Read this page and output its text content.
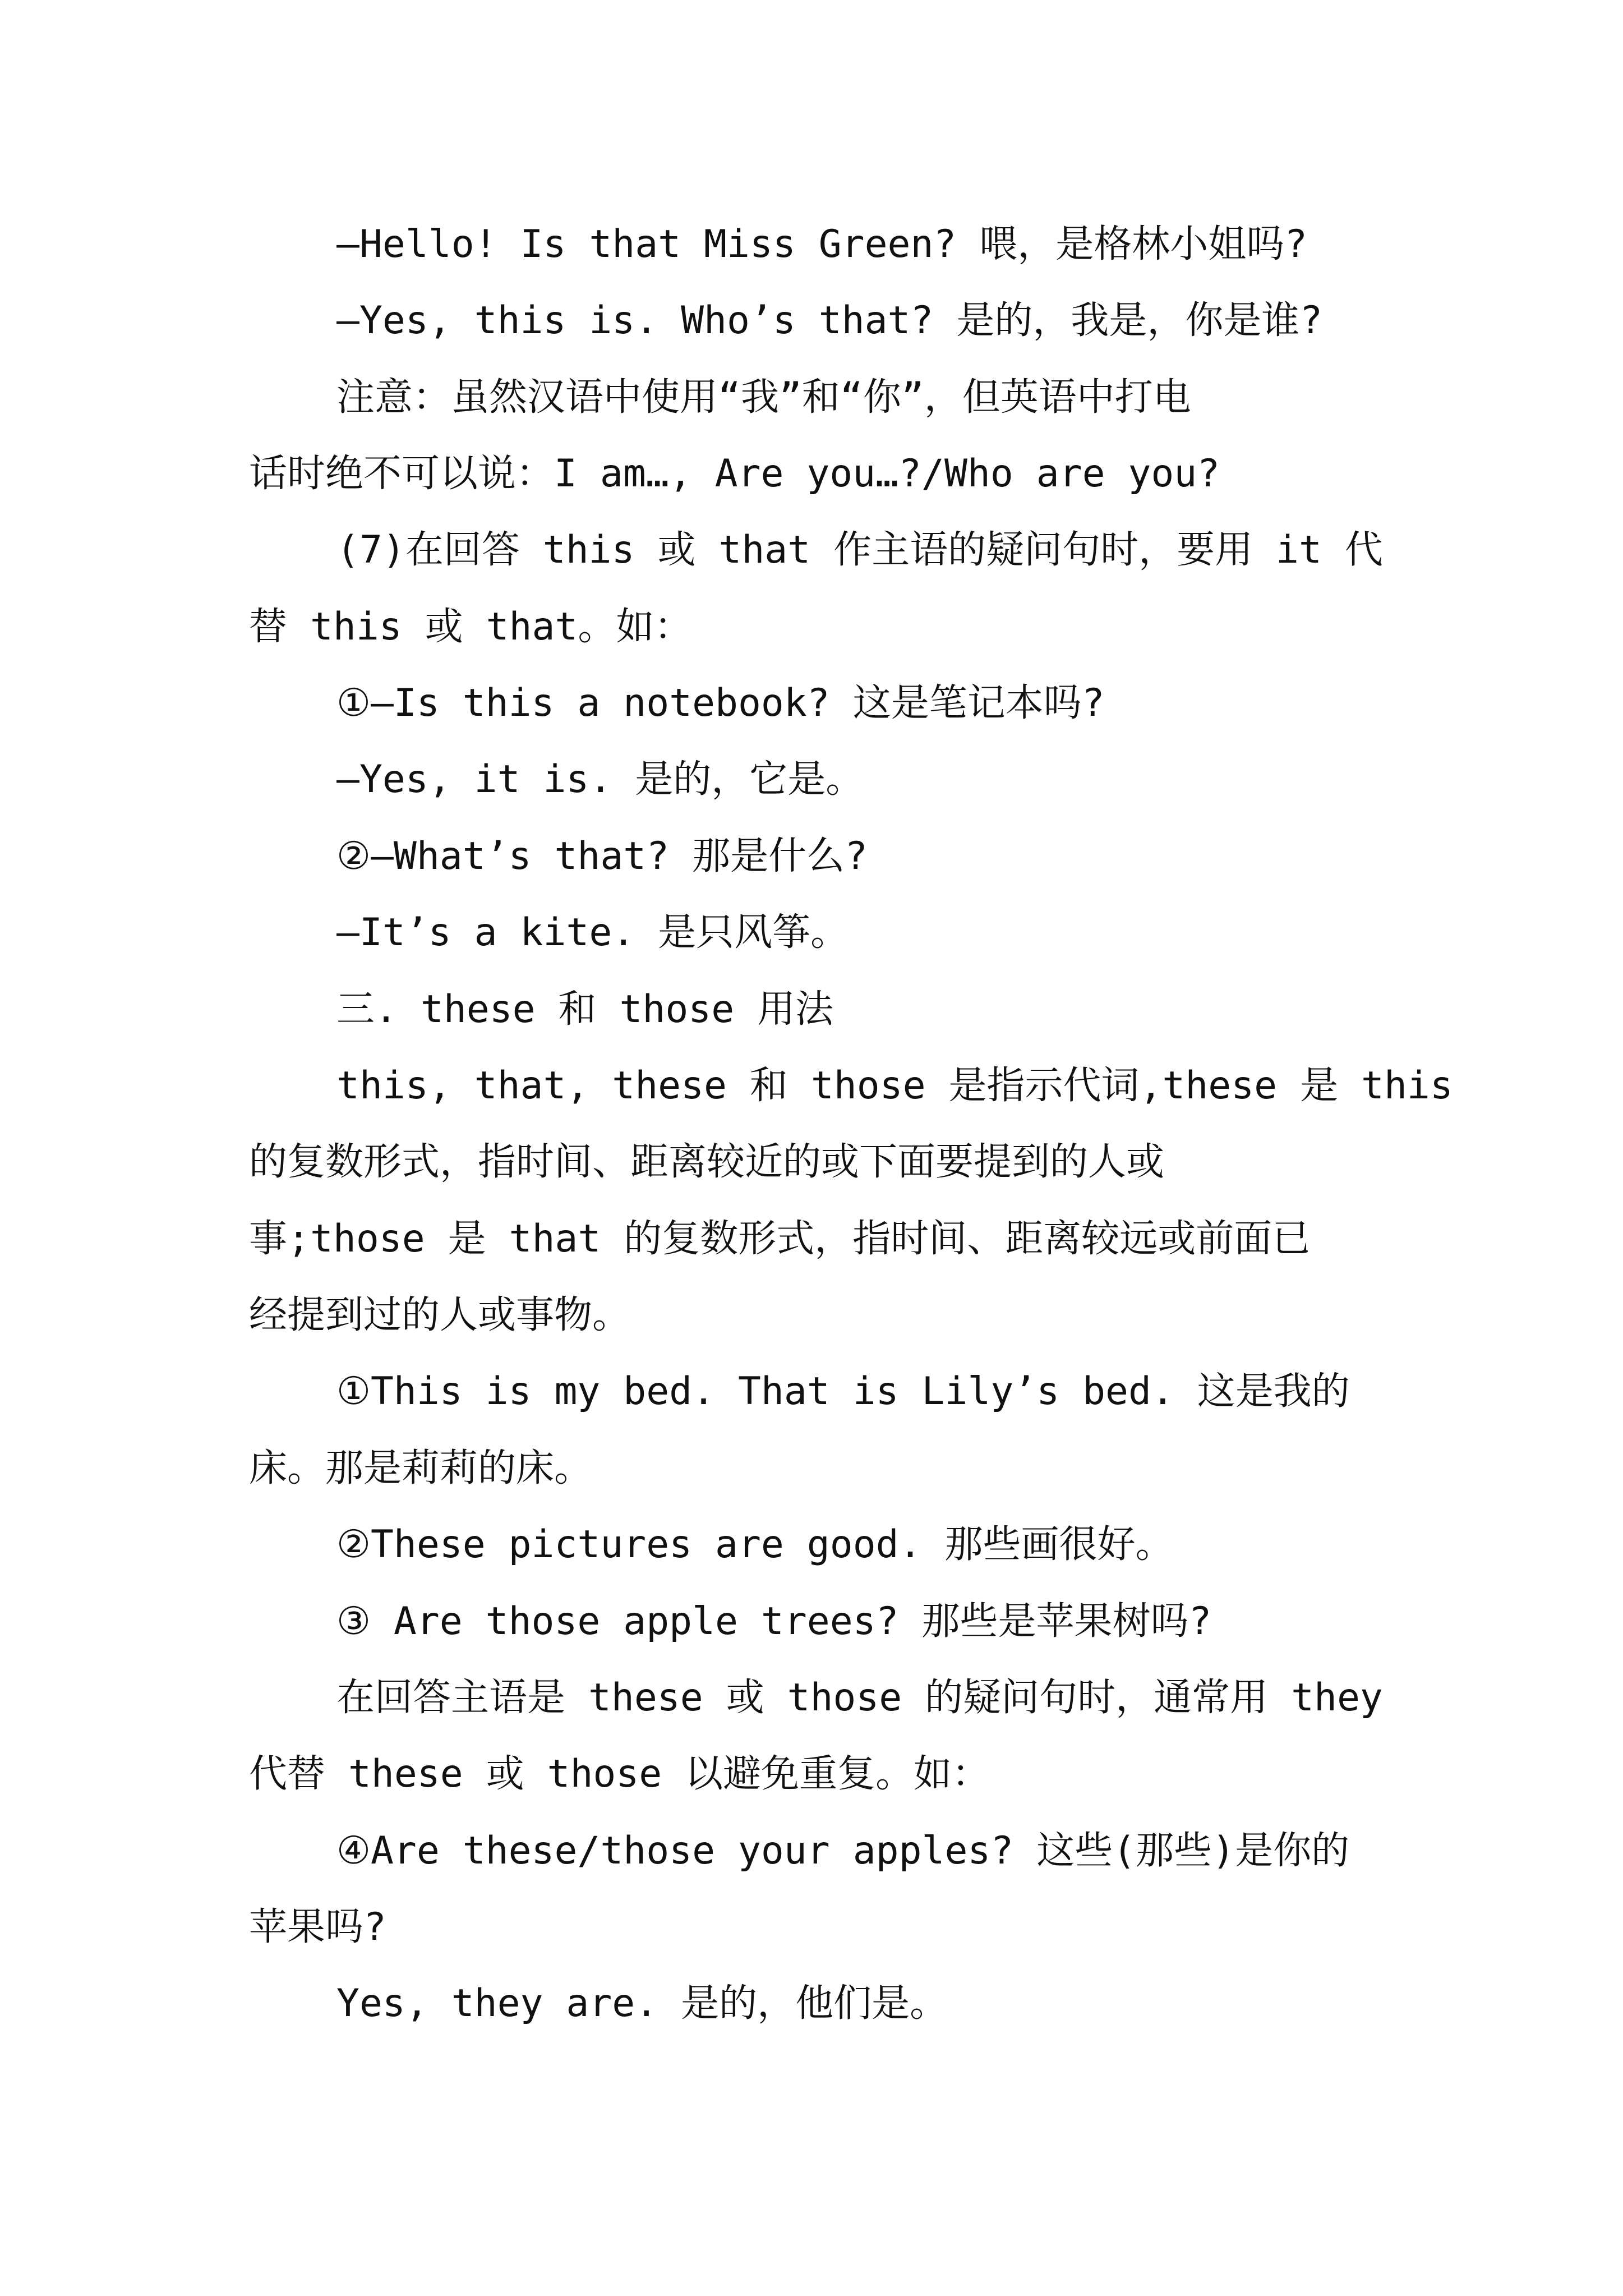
—Hello! Is that Miss Green? 喂，是格林小姐吗?
—Yes, this is. Who’s that? 是的，我是，你是谁?
注意：虽然汉语中使用“我”和“你”，但英语中打电
话时绝不可以说：I am…, Are you…?/Who are you?
(7)在回答 this 或 that 作主语的疑问句时，要用 it 代
替 this 或 that。如：
①—Is this a notebook? 这是笔记本吗?
—Yes, it is. 是的，它是。
②—What’s that? 那是什么?
—It’s a kite. 是只风筝。
三. these 和 those 用法
this, that, these 和 those 是指示代词,these 是 this
的复数形式，指时间、距离较近的或下面要提到的人或
事;those 是 that 的复数形式，指时间、距离较远或前面已
经提到过的人或事物。
①This is my bed. That is Lily’s bed. 这是我的
床。那是莉莉的床。
②These pictures are good. 那些画很好。
③ Are those apple trees? 那些是苹果树吗?
在回答主语是 these 或 those 的疑问句时，通常用 they
代替 these 或 those 以避免重复。如：
④Are these/those your apples? 这些(那些)是你的
苹果吗?
Yes, they are. 是的，他们是。
